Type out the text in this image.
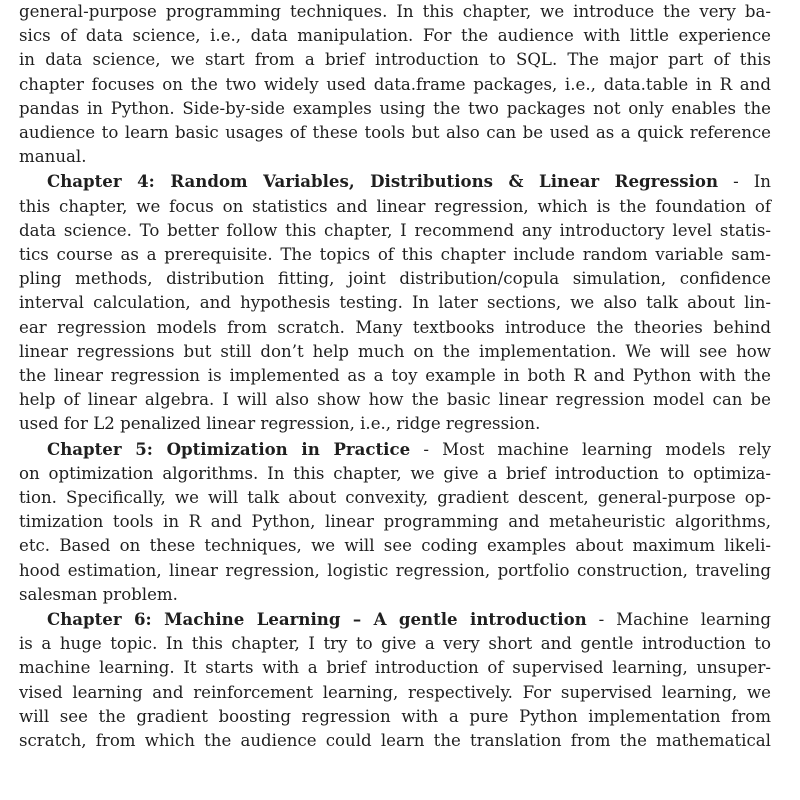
general-purpose programming techniques. In this chapter, we introduce the very ba-
sics of data science, i.e., data manipulation. For the audience with little experience
in data science, we start from a brief introduction to SQL. The major part of this
chapter focuses on the two widely used data.frame packages, i.e., data.table in R and
pandas in Python. Side-by-side examples using the two packages not only enables the
audience to learn basic usages of these tools but also can be used as a quick reference
manual.
Chapter 4: Random Variables, Distributions & Linear Regression - In
this chapter, we focus on statistics and linear regression, which is the foundation of
data science. To better follow this chapter, I recommend any introductory level statis-
tics course as a prerequisite. The topics of this chapter include random variable sam-
pling methods, distribution fitting, joint distribution/copula simulation, confidence
interval calculation, and hypothesis testing. In later sections, we also talk about lin-
ear regression models from scratch. Many textbooks introduce the theories behind
linear regressions but still don’t help much on the implementation. We will see how
the linear regression is implemented as a toy example in both R and Python with the
help of linear algebra. I will also show how the basic linear regression model can be
used for L2 penalized linear regression, i.e., ridge regression.
Chapter 5: Optimization in Practice - Most machine learning models rely
on optimization algorithms. In this chapter, we give a brief introduction to optimiza-
tion. Specifically, we will talk about convexity, gradient descent, general-purpose op-
timization tools in R and Python, linear programming and metaheuristic algorithms,
etc. Based on these techniques, we will see coding examples about maximum likeli-
hood estimation, linear regression, logistic regression, portfolio construction, traveling
salesman problem.
Chapter 6: Machine Learning – A gentle introduction - Machine learning
is a huge topic. In this chapter, I try to give a very short and gentle introduction to
machine learning. It starts with a brief introduction of supervised learning, unsuper-
vised learning and reinforcement learning, respectively. For supervised learning, we
will see the gradient boosting regression with a pure Python implementation from
scratch, from which the audience could learn the translation from the mathematical
